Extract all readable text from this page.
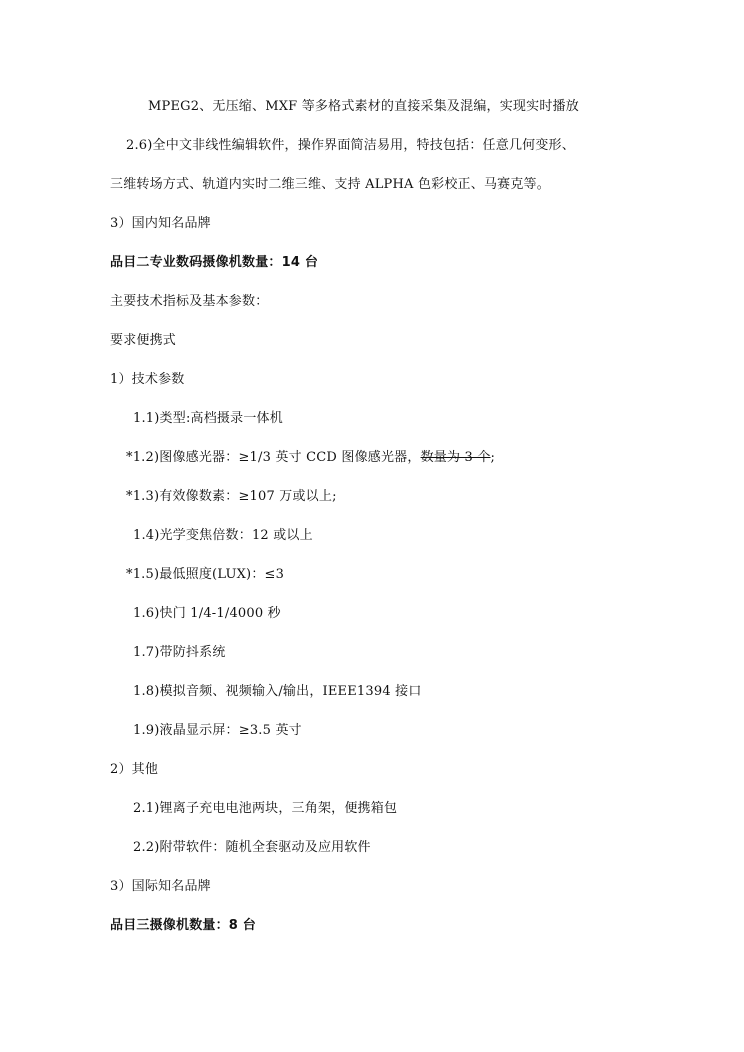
MPEG2、无压缩、MXF 等多格式素材的直接采集及混编，实现实时播放
2.6)全中文非线性编辑软件，操作界面简洁易用，特技包括：任意几何变形、
三维转场方式、轨道内实时二维三维、支持 ALPHA 色彩校正、马赛克等。
3）国内知名品牌
品目二专业数码摄像机数量：14 台
主要技术指标及基本参数：
要求便携式
1）技术参数
1.1)类型:高档摄录一体机
*1.2)图像感光器：≥1/3 英寸 CCD 图像感光器，数量为 3 个;
*1.3)有效像数素：≥107 万或以上;
1.4)光学变焦倍数：12 或以上
*1.5)最低照度(LUX)：≤3
1.6)快门 1/4-1/4000 秒
1.7)带防抖系统
1.8)模拟音频、视频输入/输出，IEEE1394 接口
1.9)液晶显示屏：≥3.5 英寸
2）其他
2.1)锂离子充电电池两块，三角架，便携箱包
2.2)附带软件：随机全套驱动及应用软件
3）国际知名品牌
品目三摄像机数量：8 台
